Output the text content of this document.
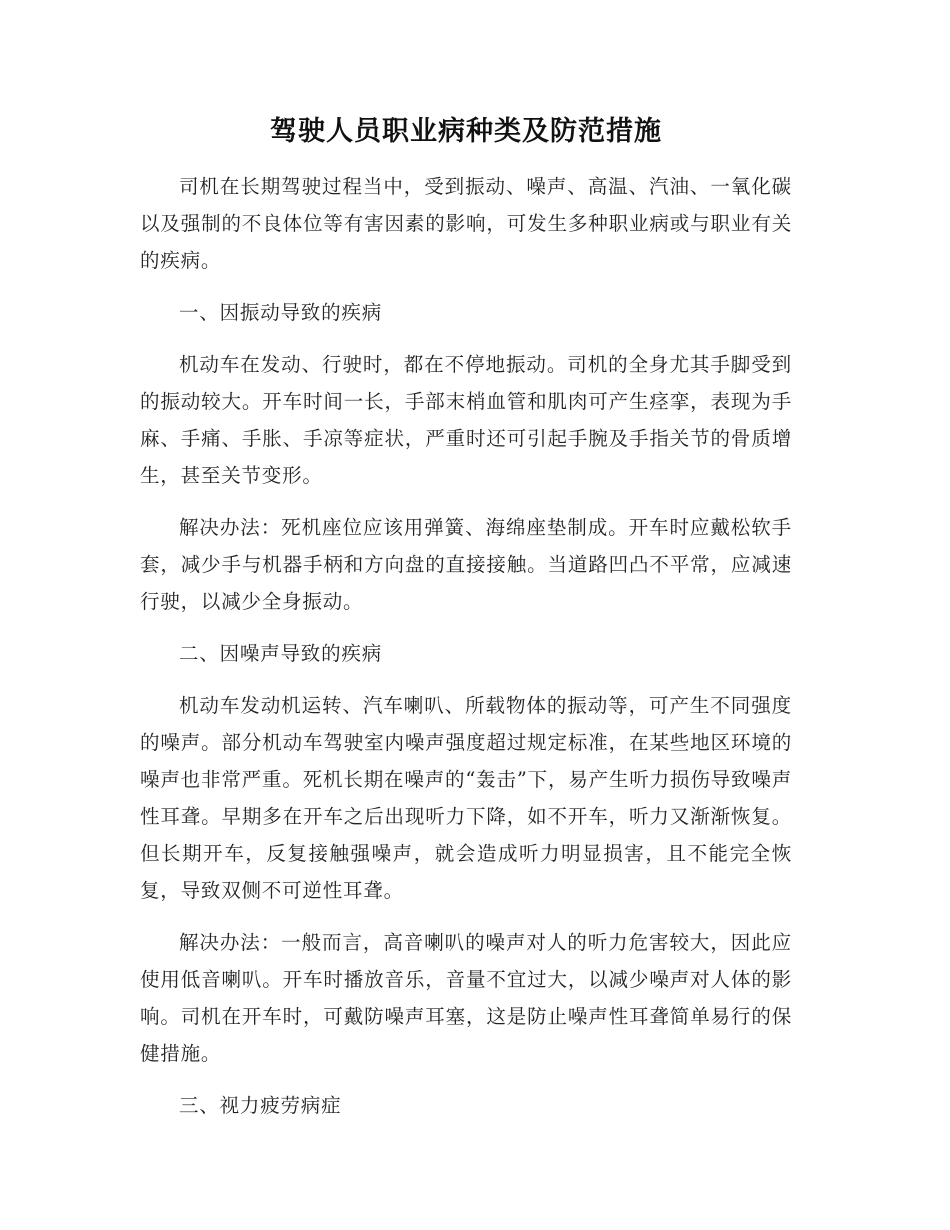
驾驶人员职业病种类及防范措施

司机在长期驾驶过程当中，受到振动、噪声、高温、汽油、一氧化碳以及强制的不良体位等有害因素的影响，可发生多种职业病或与职业有关的疾病。

一、因振动导致的疾病

机动车在发动、行驶时，都在不停地振动。司机的全身尤其手脚受到的振动较大。开车时间一长，手部末梢血管和肌肉可产生痉挛，表现为手麻、手痛、手胀、手凉等症状，严重时还可引起手腕及手指关节的骨质增生，甚至关节变形。

解决办法：死机座位应该用弹簧、海绵座垫制成。开车时应戴松软手套，减少手与机器手柄和方向盘的直接接触。当道路凹凸不平常，应减速行驶，以减少全身振动。

二、因噪声导致的疾病

机动车发动机运转、汽车喇叭、所载物体的振动等，可产生不同强度的噪声。部分机动车驾驶室内噪声强度超过规定标准，在某些地区环境的噪声也非常严重。死机长期在噪声的“轰击”下，易产生听力损伤导致噪声性耳聋。早期多在开车之后出现听力下降，如不开车，听力又渐渐恢复。但长期开车，反复接触强噪声，就会造成听力明显损害，且不能完全恢复，导致双侧不可逆性耳聋。

解决办法：一般而言，高音喇叭的噪声对人的听力危害较大，因此应使用低音喇叭。开车时播放音乐，音量不宜过大，以减少噪声对人体的影响。司机在开车时，可戴防噪声耳塞，这是防止噪声性耳聋简单易行的保健措施。

三、视力疲劳病症
